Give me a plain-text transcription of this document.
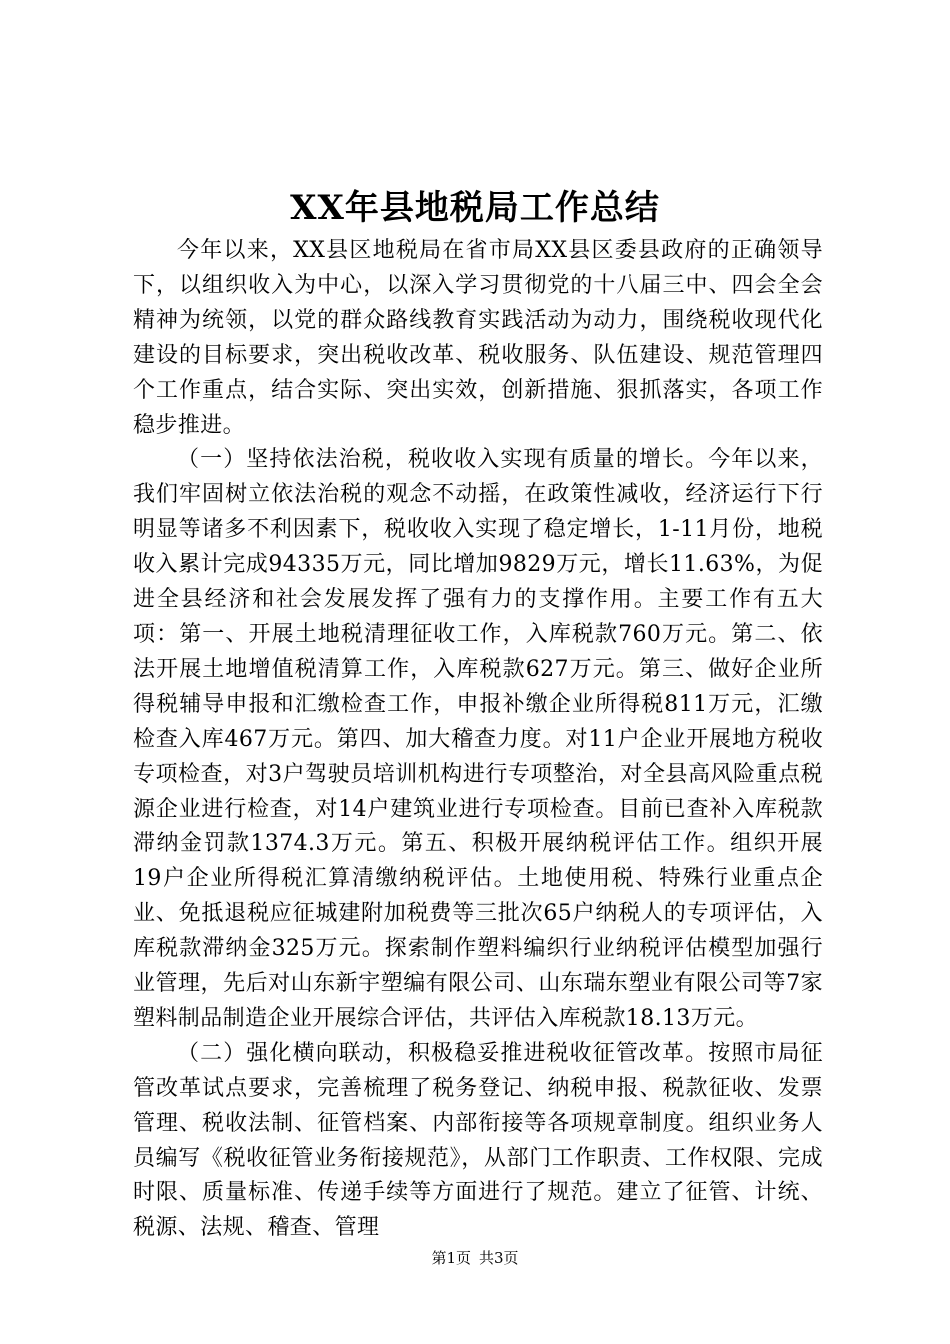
XX年县地税局工作总结

今年以来，XX县区地税局在省市局XX县区委县政府的正确领导下，以组织收入为中心，以深入学习贯彻党的十八届三中、四会全会精神为统领，以党的群众路线教育实践活动为动力，围绕税收现代化建设的目标要求，突出税收改革、税收服务、队伍建设、规范管理四个工作重点，结合实际、突出实效，创新措施、狠抓落实，各项工作稳步推进。

（一）坚持依法治税，税收收入实现有质量的增长。今年以来，我们牢固树立依法治税的观念不动摇，在政策性减收，经济运行下行明显等诸多不利因素下，税收收入实现了稳定增长，1-11月份，地税收入累计完成94335万元，同比增加9829万元，增长11.63%，为促进全县经济和社会发展发挥了强有力的支撑作用。主要工作有五大项：第一、开展土地税清理征收工作，入库税款760万元。第二、依法开展土地增值税清算工作，入库税款627万元。第三、做好企业所得税辅导申报和汇缴检查工作，申报补缴企业所得税811万元，汇缴检查入库467万元。第四、加大稽查力度。对11户企业开展地方税收专项检查，对3户驾驶员培训机构进行专项整治，对全县高风险重点税源企业进行检查，对14户建筑业进行专项检查。目前已查补入库税款滞纳金罚款1374.3万元。第五、积极开展纳税评估工作。组织开展19户企业所得税汇算清缴纳税评估。土地使用税、特殊行业重点企业、免抵退税应征城建附加税费等三批次65户纳税人的专项评估，入库税款滞纳金325万元。探索制作塑料编织行业纳税评估模型加强行业管理，先后对山东新宇塑编有限公司、山东瑞东塑业有限公司等7家塑料制品制造企业开展综合评估，共评估入库税款18.13万元。

（二）强化横向联动，积极稳妥推进税收征管改革。按照市局征管改革试点要求，完善梳理了税务登记、纳税申报、税款征收、发票管理、税收法制、征管档案、内部衔接等各项规章制度。组织业务人员编写《税收征管业务衔接规范》，从部门工作职责、工作权限、完成时限、质量标准、传递手续等方面进行了规范。建立了征管、计统、税源、法规、稽查、管理

第1页 共3页
